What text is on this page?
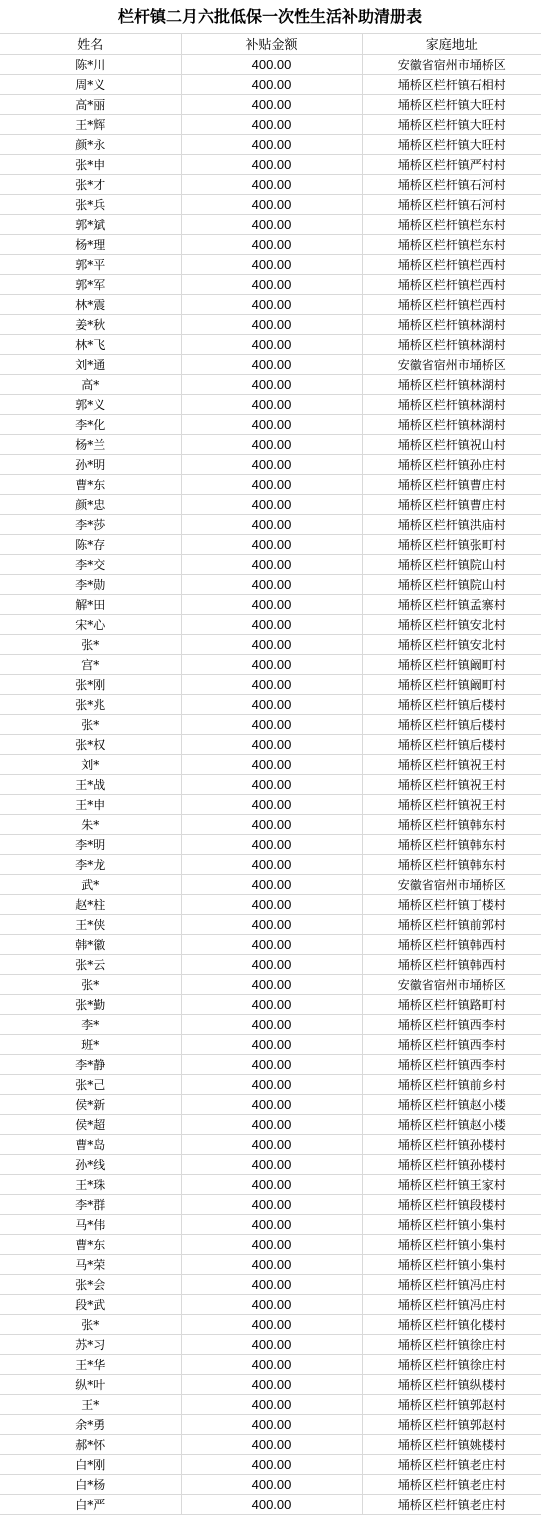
栏杆镇二月六批低保一次性生活补助清册表
姓名	补贴金额	家庭地址
陈*川	400.00	安徽省宿州市埇桥区
周*义	400.00	埇桥区栏杆镇石相村
高*丽	400.00	埇桥区栏杆镇大旺村
王*辉	400.00	埇桥区栏杆镇大旺村
颜*永	400.00	埇桥区栏杆镇大旺村
张*申	400.00	埇桥区栏杆镇严村村
张*才	400.00	埇桥区栏杆镇石河村
张*兵	400.00	埇桥区栏杆镇石河村
郭*斌	400.00	埇桥区栏杆镇栏东村
杨*理	400.00	埇桥区栏杆镇栏东村
郭*平	400.00	埇桥区栏杆镇栏西村
郭*军	400.00	埇桥区栏杆镇栏西村
林*震	400.00	埇桥区栏杆镇栏西村
姜*秋	400.00	埇桥区栏杆镇林湖村
林*飞	400.00	埇桥区栏杆镇林湖村
刘*通	400.00	安徽省宿州市埇桥区
高*	400.00	埇桥区栏杆镇林湖村
郭*义	400.00	埇桥区栏杆镇林湖村
李*化	400.00	埇桥区栏杆镇林湖村
杨*兰	400.00	埇桥区栏杆镇祝山村
孙*明	400.00	埇桥区栏杆镇孙庄村
曹*东	400.00	埇桥区栏杆镇曹庄村
颜*忠	400.00	埇桥区栏杆镇曹庄村
李*莎	400.00	埇桥区栏杆镇洪庙村
陈*存	400.00	埇桥区栏杆镇张町村
李*交	400.00	埇桥区栏杆镇院山村
李*勋	400.00	埇桥区栏杆镇院山村
解*田	400.00	埇桥区栏杆镇孟寨村
宋*心	400.00	埇桥区栏杆镇安北村
张*	400.00	埇桥区栏杆镇安北村
宫*	400.00	埇桥区栏杆镇阚町村
张*刚	400.00	埇桥区栏杆镇阚町村
张*兆	400.00	埇桥区栏杆镇后楼村
张*	400.00	埇桥区栏杆镇后楼村
张*权	400.00	埇桥区栏杆镇后楼村
刘*	400.00	埇桥区栏杆镇祝王村
王*战	400.00	埇桥区栏杆镇祝王村
王*申	400.00	埇桥区栏杆镇祝王村
朱*	400.00	埇桥区栏杆镇韩东村
李*明	400.00	埇桥区栏杆镇韩东村
李*龙	400.00	埇桥区栏杆镇韩东村
武*	400.00	安徽省宿州市埇桥区
赵*柱	400.00	埇桥区栏杆镇丁楼村
王*侠	400.00	埇桥区栏杆镇前郭村
韩*徽	400.00	埇桥区栏杆镇韩西村
张*云	400.00	埇桥区栏杆镇韩西村
张*	400.00	安徽省宿州市埇桥区
张*勤	400.00	埇桥区栏杆镇路町村
李*	400.00	埇桥区栏杆镇西李村
班*	400.00	埇桥区栏杆镇西李村
李*静	400.00	埇桥区栏杆镇西李村
张*己	400.00	埇桥区栏杆镇前乡村
侯*新	400.00	埇桥区栏杆镇赵小楼
侯*超	400.00	埇桥区栏杆镇赵小楼
曹*岛	400.00	埇桥区栏杆镇孙楼村
孙*线	400.00	埇桥区栏杆镇孙楼村
王*珠	400.00	埇桥区栏杆镇王家村
李*群	400.00	埇桥区栏杆镇段楼村
马*伟	400.00	埇桥区栏杆镇小集村
曹*东	400.00	埇桥区栏杆镇小集村
马*荣	400.00	埇桥区栏杆镇小集村
张*会	400.00	埇桥区栏杆镇冯庄村
段*武	400.00	埇桥区栏杆镇冯庄村
张*	400.00	埇桥区栏杆镇化楼村
苏*习	400.00	埇桥区栏杆镇徐庄村
王*华	400.00	埇桥区栏杆镇徐庄村
纵*叶	400.00	埇桥区栏杆镇纵楼村
王*	400.00	埇桥区栏杆镇郭赵村
余*勇	400.00	埇桥区栏杆镇郭赵村
郝*怀	400.00	埇桥区栏杆镇姚楼村
白*刚	400.00	埇桥区栏杆镇老庄村
白*杨	400.00	埇桥区栏杆镇老庄村
白*严	400.00	埇桥区栏杆镇老庄村
